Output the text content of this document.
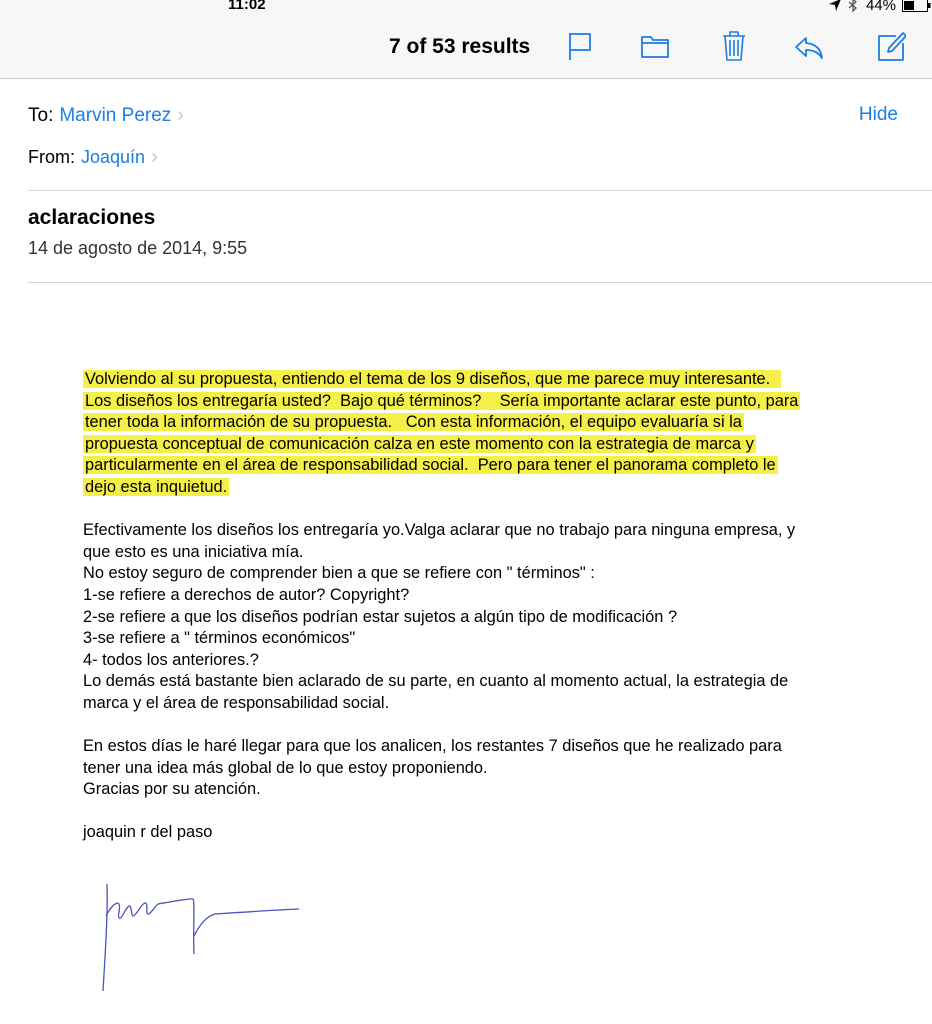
11:02	44%
7 of 53 results
To: Marvin Perez ›	Hide
From: Joaquín ›
aclaraciones
14 de agosto de 2014, 9:55
Volviendo al su propuesta, entiendo el tema de los 9 diseños, que me parece muy interesante.
Los diseños los entregaría usted?  Bajo qué términos?    Sería importante aclarar este punto, para
tener toda la información de su propuesta.   Con esta información, el equipo evaluaría si la
propuesta conceptual de comunicación calza en este momento con la estrategia de marca y
particularmente en el área de responsabilidad social.  Pero para tener el panorama completo le
dejo esta inquietud.

Efectivamente los diseños los entregaría yo.Valga aclarar que no trabajo para ninguna empresa, y

que esto es una iniciativa mía.

No estoy seguro de comprender bien a que se refiere con " términos" :

1-se refiere a derechos de autor? Copyright?

2-se refiere a que los diseños podrían estar sujetos a algún tipo de modificación ?

3-se refiere a " términos económicos"

4- todos los anteriores.?

Lo demás está bastante bien aclarado de su parte, en cuanto al momento actual, la estrategia de

marca y el área de responsabilidad social.

En estos días le haré llegar para que los analicen, los restantes 7 diseños que he realizado para

tener una idea más global de lo que estoy proponiendo.

Gracias por su atención.

joaquin r del paso
